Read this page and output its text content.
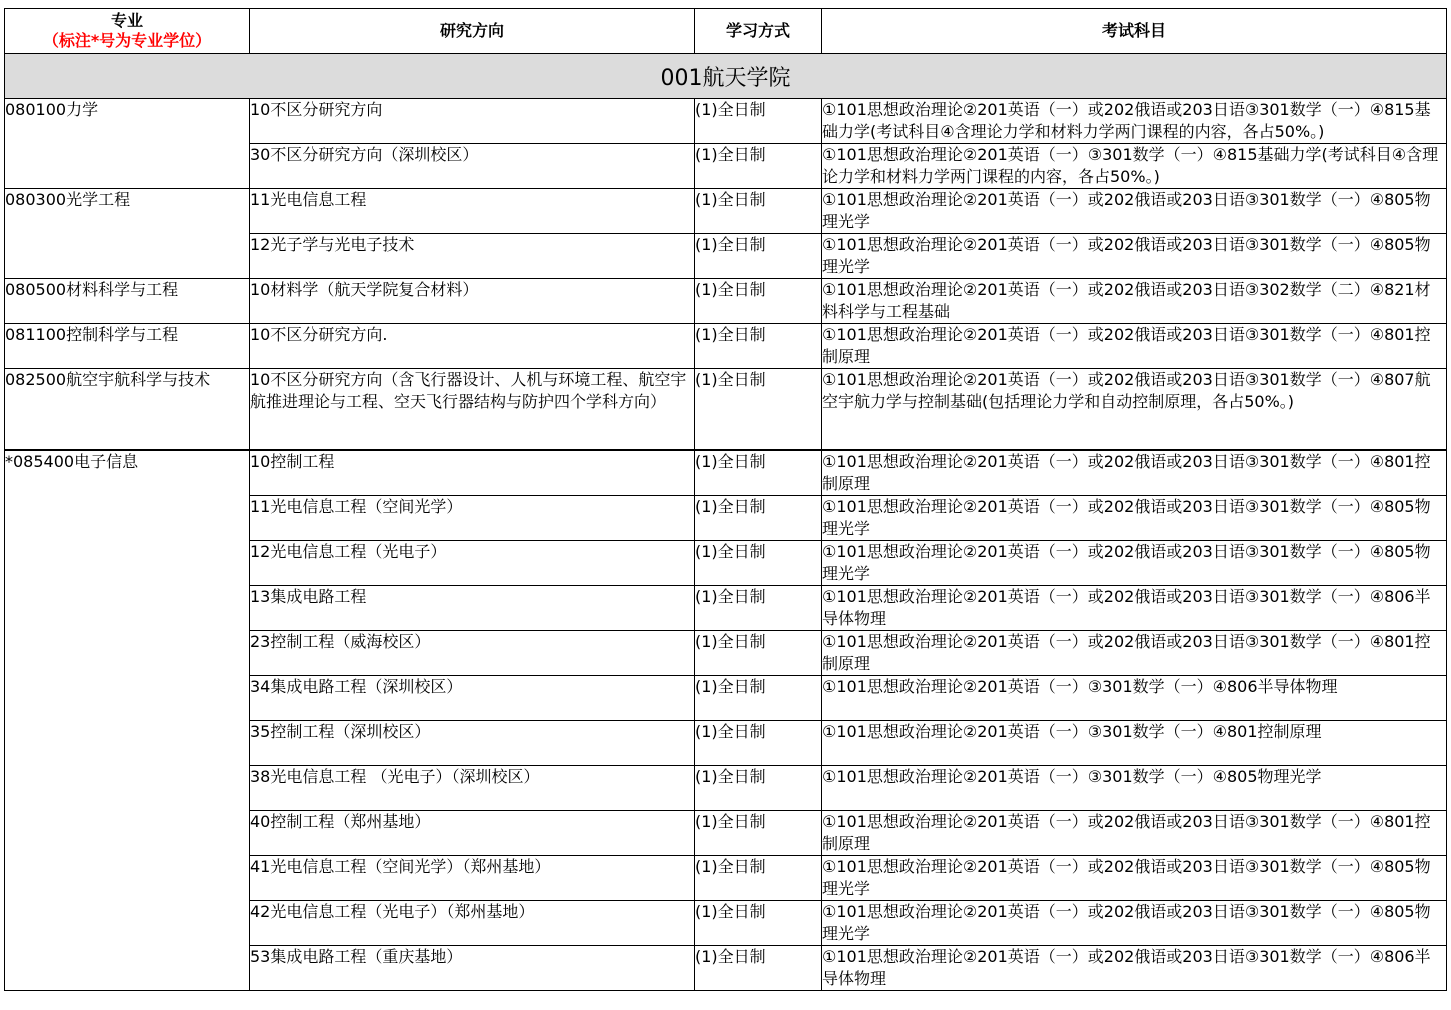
专业
（标注*号为专业学位）	研究方向	学习方式	考试科目
001航天学院			
080100力学	10不区分研究方向	(1)全日制	①101思想政治理论②201英语（一）或202俄语或203日语③301数学（一）④815基础力学(考试科目④含理论力学和材料力学两门课程的内容，各占50%。)
	30不区分研究方向（深圳校区）	(1)全日制	①101思想政治理论②201英语（一）③301数学（一）④815基础力学(考试科目④含理论力学和材料力学两门课程的内容，各占50%。)
080300光学工程	11光电信息工程	(1)全日制	①101思想政治理论②201英语（一）或202俄语或203日语③301数学（一）④805物理光学
	12光子学与光电子技术	(1)全日制	①101思想政治理论②201英语（一）或202俄语或203日语③301数学（一）④805物理光学
080500材料科学与工程	10材料学（航天学院复合材料）	(1)全日制	①101思想政治理论②201英语（一）或202俄语或203日语③302数学（二）④821材料科学与工程基础
081100控制科学与工程	10不区分研究方向.	(1)全日制	①101思想政治理论②201英语（一）或202俄语或203日语③301数学（一）④801控制原理
082500航空宇航科学与技术	10不区分研究方向（含飞行器设计、人机与环境工程、航空宇航推进理论与工程、空天飞行器结构与防护四个学科方向）	(1)全日制	①101思想政治理论②201英语（一）或202俄语或203日语③301数学（一）④807航空宇航力学与控制基础(包括理论力学和自动控制原理，各占50%。)
*085400电子信息	10控制工程	(1)全日制	①101思想政治理论②201英语（一）或202俄语或203日语③301数学（一）④801控制原理
	11光电信息工程（空间光学）	(1)全日制	①101思想政治理论②201英语（一）或202俄语或203日语③301数学（一）④805物理光学
	12光电信息工程（光电子）	(1)全日制	①101思想政治理论②201英语（一）或202俄语或203日语③301数学（一）④805物理光学
	13集成电路工程	(1)全日制	①101思想政治理论②201英语（一）或202俄语或203日语③301数学（一）④806半导体物理
	23控制工程（威海校区）	(1)全日制	①101思想政治理论②201英语（一）或202俄语或203日语③301数学（一）④801控制原理
	34集成电路工程（深圳校区）	(1)全日制	①101思想政治理论②201英语（一）③301数学（一）④806半导体物理
	35控制工程（深圳校区）	(1)全日制	①101思想政治理论②201英语（一）③301数学（一）④801控制原理
	38光电信息工程 （光电子）（深圳校区）	(1)全日制	①101思想政治理论②201英语（一）③301数学（一）④805物理光学
	40控制工程（郑州基地）	(1)全日制	①101思想政治理论②201英语（一）或202俄语或203日语③301数学（一）④801控制原理
	41光电信息工程（空间光学）（郑州基地）	(1)全日制	①101思想政治理论②201英语（一）或202俄语或203日语③301数学（一）④805物理光学
	42光电信息工程（光电子）（郑州基地）	(1)全日制	①101思想政治理论②201英语（一）或202俄语或203日语③301数学（一）④805物理光学
	53集成电路工程（重庆基地）	(1)全日制	①101思想政治理论②201英语（一）或202俄语或203日语③301数学（一）④806半导体物理
